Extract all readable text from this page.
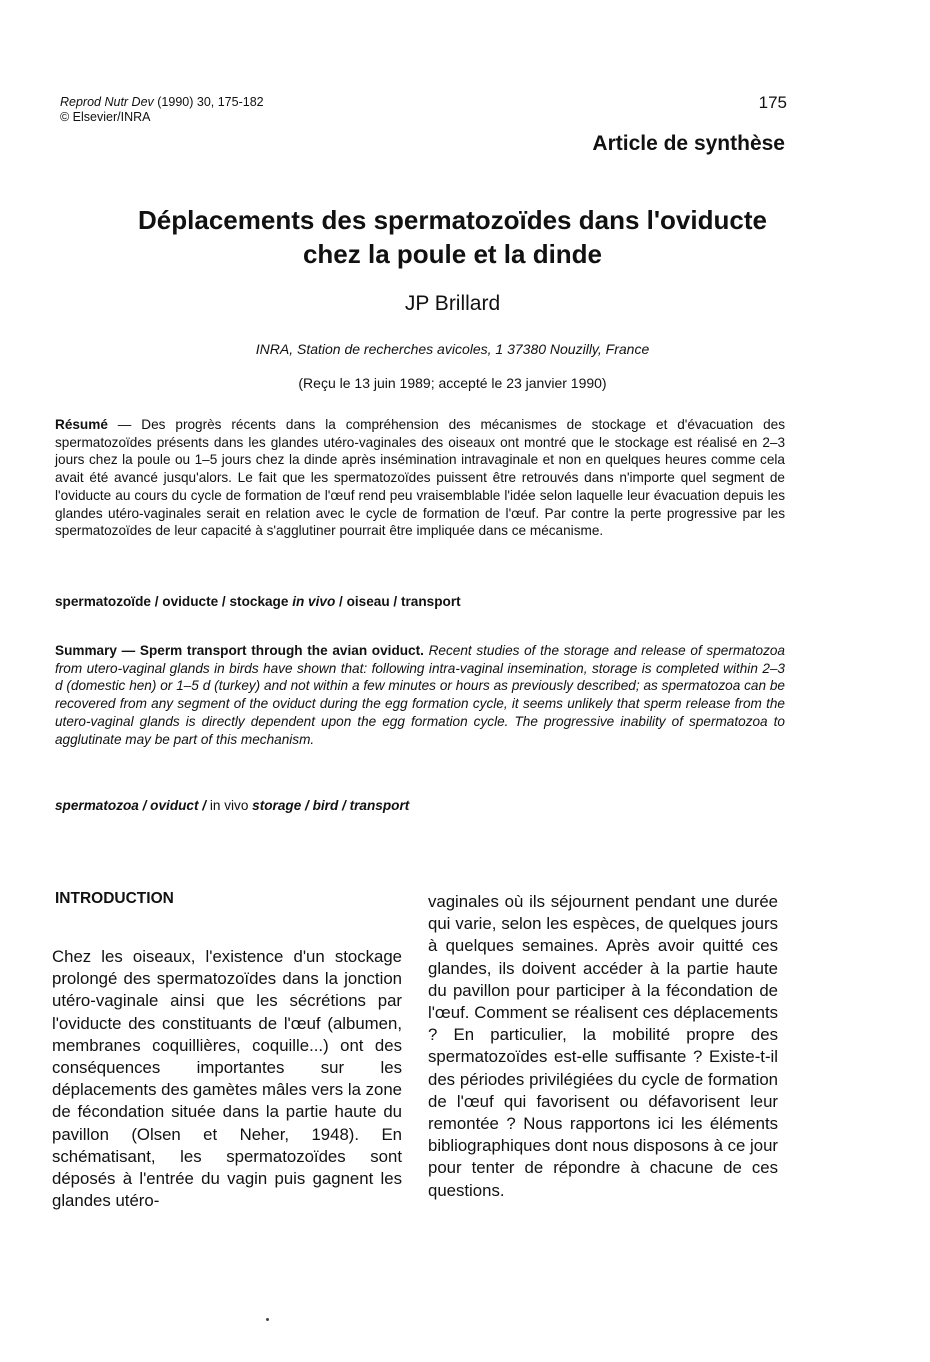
Reprod Nutr Dev (1990) 30, 175-182
© Elsevier/INRA
175
Article de synthèse
Déplacements des spermatozoïdes dans l'oviducte
chez la poule et la dinde
JP Brillard
INRA, Station de recherches avicoles, 1 37380 Nouzilly, France
(Reçu le 13 juin 1989; accepté le 23 janvier 1990)
Résumé — Des progrès récents dans la compréhension des mécanismes de stockage et d'évacuation des spermatozoïdes présents dans les glandes utéro-vaginales des oiseaux ont montré que le stockage est réalisé en 2–3 jours chez la poule ou 1–5 jours chez la dinde après insémination intravaginale et non en quelques heures comme cela avait été avancé jusqu'alors. Le fait que les spermatozoïdes puissent être retrouvés dans n'importe quel segment de l'oviducte au cours du cycle de formation de l'œuf rend peu vraisemblable l'idée selon laquelle leur évacuation depuis les glandes utéro-vaginales serait en relation avec le cycle de formation de l'œuf. Par contre la perte progressive par les spermatozoïdes de leur capacité à s'agglutiner pourrait être impliquée dans ce mécanisme.
spermatozoïde / oviducte / stockage in vivo / oiseau / transport
Summary — Sperm transport through the avian oviduct. Recent studies of the storage and release of spermatozoa from utero-vaginal glands in birds have shown that: following intra-vaginal insemination, storage is completed within 2–3 d (domestic hen) or 1–5 d (turkey) and not within a few minutes or hours as previously described; as spermatozoa can be recovered from any segment of the oviduct during the egg formation cycle, it seems unlikely that sperm release from the utero-vaginal glands is directly dependent upon the egg formation cycle. The progressive inability of spermatozoa to agglutinate may be part of this mechanism.
spermatozoa / oviduct / in vivo storage / bird / transport
INTRODUCTION
Chez les oiseaux, l'existence d'un stockage prolongé des spermatozoïdes dans la jonction utéro-vaginale ainsi que les sécrétions par l'oviducte des constituants de l'œuf (albumen, membranes coquillières, coquille...) ont des conséquences importantes sur les déplacements des gamètes mâles vers la zone de fécondation située dans la partie haute du pavillon (Olsen et Neher, 1948). En schématisant, les spermatozoïdes sont déposés à l'entrée du vagin puis gagnent les glandes utéro-
vaginales où ils séjournent pendant une durée qui varie, selon les espèces, de quelques jours à quelques semaines. Après avoir quitté ces glandes, ils doivent accéder à la partie haute du pavillon pour participer à la fécondation de l'œuf. Comment se réalisent ces déplacements ? En particulier, la mobilité propre des spermatozoïdes est-elle suffisante ? Existe-t-il des périodes privilégiées du cycle de formation de l'œuf qui favorisent ou défavorisent leur remontée ? Nous rapportons ici les éléments bibliographiques dont nous disposons à ce jour pour tenter de répondre à chacune de ces questions.
